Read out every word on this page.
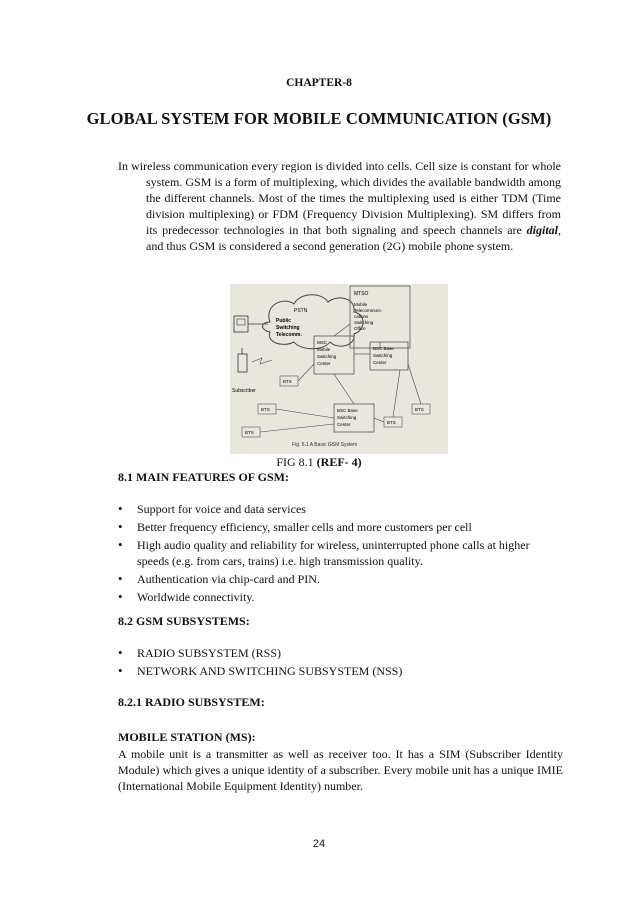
CHAPTER-8
GLOBAL SYSTEM FOR MOBILE COMMUNICATION (GSM)
In wireless communication every region is divided into cells. Cell size is constant for whole system. GSM is a form of multiplexing, which divides the available bandwidth among the different channels. Most of the times the multiplexing used is either TDM (Time division multiplexing) or FDM (Frequency Division Multiplexing). SM differs from its predecessor technologies in that both signaling and speech channels are digital, and thus GSM is considered a second generation (2G) mobile phone system.
PSTN
Public
Switching
Telecomm.
MTSO
Mobile
Telecommuni-
cations
Switching
Office
Subscriber
MSC
Mobile
Switching
Center
BSC Base
Switching
Center
BSC Base
Switching
Center
BTS
BTS
BTS
BTS
BTS
Fig. 6.1 A Basic GSM System
FIG 8.1 (REF- 4)
8.1 MAIN FEATURES OF GSM:
• Support for voice and data services
• Better frequency efficiency, smaller cells and more customers per cell
• High audio quality and reliability for wireless, uninterrupted phone calls at higher speeds (e.g. from cars, trains) i.e. high transmission quality.
• Authentication via chip-card and PIN.
• Worldwide connectivity.
8.2 GSM SUBSYSTEMS:
• RADIO SUBSYSTEM (RSS)
• NETWORK AND SWITCHING SUBSYSTEM (NSS)
8.2.1 RADIO SUBSYSTEM:
MOBILE STATION (MS):
A mobile unit is a transmitter as well as receiver too. It has a SIM (Subscriber Identity Module) which gives a unique identity of a subscriber. Every mobile unit has a unique IMIE (International Mobile Equipment Identity) number.
24
